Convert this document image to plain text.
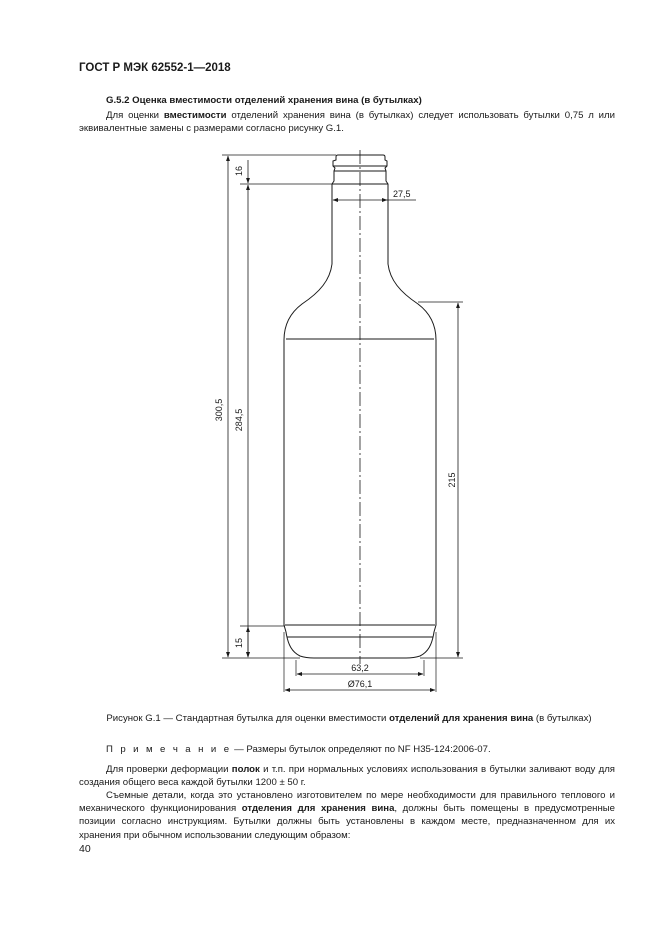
ГОСТ Р МЭК 62552-1—2018
G.5.2 Оценка вместимости отделений хранения вина (в бутылках)
Для оценки вместимости отделений хранения вина (в бутылках) следует использовать бутылки 0,75 л или эквивалентные замены с размерами согласно рисунку G.1.
300,5 284,5
16
15
215
27,5
63,2
Ø76,1
Рисунок G.1 — Стандартная бутылка для оценки вместимости отделений для хранения вина (в бутылках)
П р и м е ч а н и е — Размеры бутылок определяют по NF H35-124:2006-07.
Для проверки деформации полок и т.п. при нормальных условиях использования в бутылки заливают воду для создания общего веса каждой бутылки 1200 ± 50 г.
Съемные детали, когда это установлено изготовителем по мере необходимости для правильного теплового и механического функционирования отделения для хранения вина, должны быть помещены в предусмотренные позиции согласно инструкциям. Бутылки должны быть установлены в каждом месте, предназначенном для их хранения при обычном использовании следующим образом:
40
